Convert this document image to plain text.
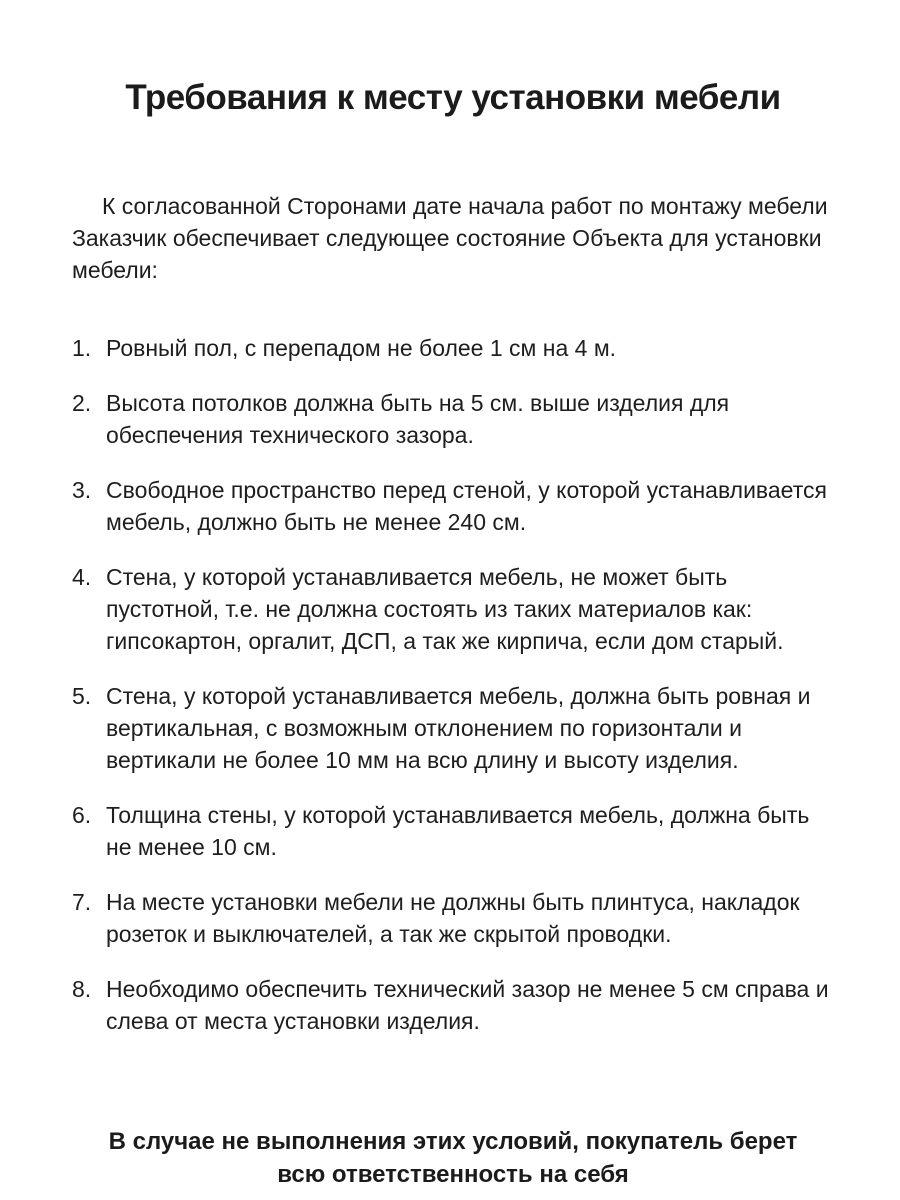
Требования к месту установки мебели

К согласованной Сторонами дате начала работ по монтажу мебели Заказчик обеспечивает следующее состояние Объекта для установки мебели:

1. Ровный пол, с перепадом не более 1 см на 4 м.
2. Высота потолков должна быть на 5 см. выше изделия для обеспечения технического зазора.
3. Свободное пространство перед стеной, у которой устанавливается мебель, должно быть не менее 240 см.
4. Стена, у которой устанавливается мебель, не может быть пустотной, т.е. не должна состоять из таких материалов как: гипсокартон, оргалит, ДСП, а так же кирпича, если дом старый.
5. Стена, у которой устанавливается мебель, должна быть ровная и вертикальная, с возможным отклонением по горизонтали и вертикали не более 10 мм на всю длину и высоту изделия.
6. Толщина стены, у которой устанавливается мебель, должна быть не менее 10 см.
7. На месте установки мебели не должны быть плинтуса, накладок розеток и выключателей, а так же скрытой проводки.
8. Необходимо обеспечить технический зазор не менее 5 см справа и слева от места установки изделия.

В случае не выполнения этих условий, покупатель берет всю ответственность на себя
